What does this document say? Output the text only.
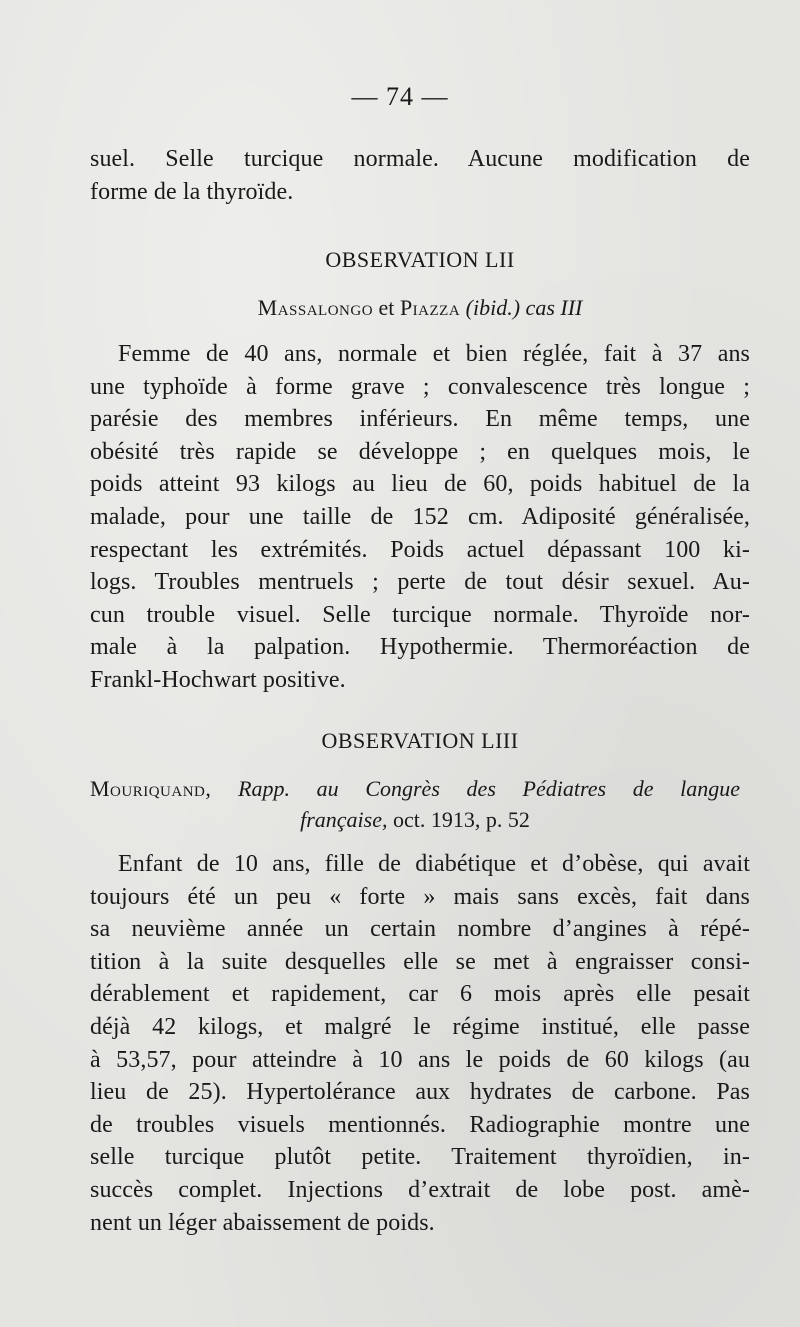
— 74 —
suel. Selle turcique normale. Aucune modification de
forme de la thyroïde.
OBSERVATION LII
Massalongo et Piazza (ibid.) cas III
Femme de 40 ans, normale et bien réglée, fait à 37 ans
une typhoïde à forme grave ; convalescence très longue ;
parésie des membres inférieurs. En même temps, une
obésité très rapide se développe ; en quelques mois, le
poids atteint 93 kilogs au lieu de 60, poids habituel de la
malade, pour une taille de 152 cm. Adiposité généralisée,
respectant les extrémités. Poids actuel dépassant 100 ki-
logs. Troubles mentruels ; perte de tout désir sexuel. Au-
cun trouble visuel. Selle turcique normale. Thyroïde nor-
male à la palpation. Hypothermie. Thermoréaction de
Frankl-Hochwart positive.
OBSERVATION LIII
Mouriquand, Rapp. au Congrès des Pédiatres de langue
française, oct. 1913, p. 52
Enfant de 10 ans, fille de diabétique et d’obèse, qui avait
toujours été un peu « forte » mais sans excès, fait dans
sa neuvième année un certain nombre d’angines à répé-
tition à la suite desquelles elle se met à engraisser consi-
dérablement et rapidement, car 6 mois après elle pesait
déjà 42 kilogs, et malgré le régime institué, elle passe
à 53,57, pour atteindre à 10 ans le poids de 60 kilogs (au
lieu de 25). Hypertolérance aux hydrates de carbone. Pas
de troubles visuels mentionnés. Radiographie montre une
selle turcique plutôt petite. Traitement thyroïdien, in-
succès complet. Injections d’extrait de lobe post. amè-
nent un léger abaissement de poids.
